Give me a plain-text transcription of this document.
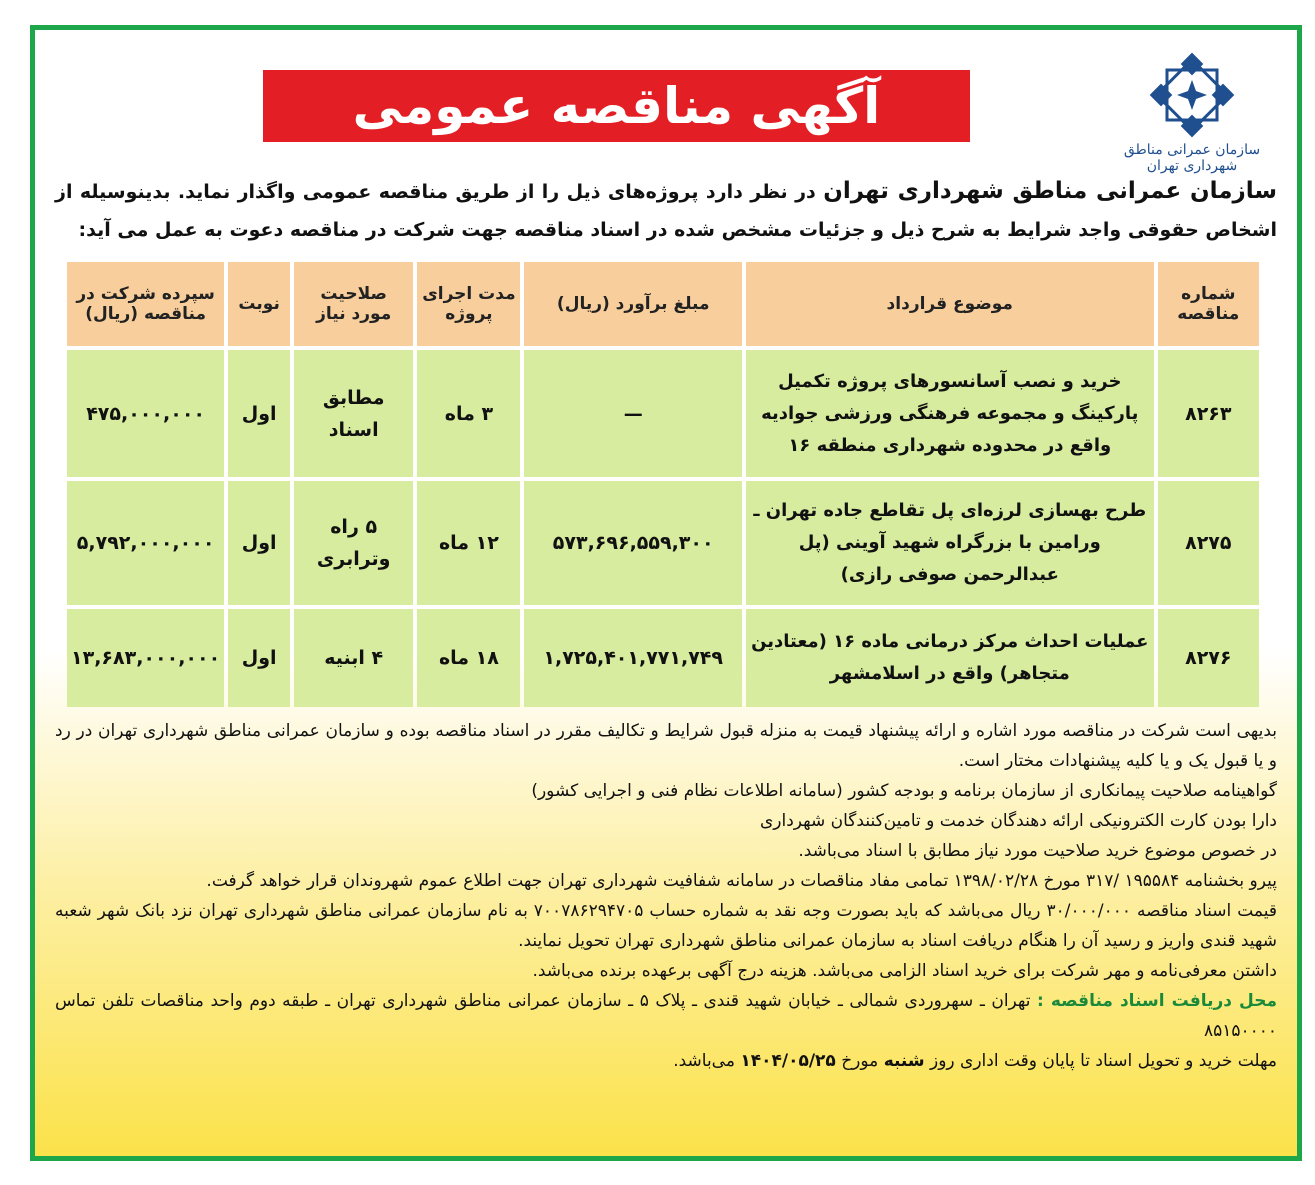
آگهی مناقصه عمومی
سازمان عمرانی مناطق شهرداری تهران
سازمان عمرانی مناطق شهرداری تهران در نظر دارد پروژه‌های ذیل را از طریق مناقصه عمومی واگذار نماید. بدینوسیله از اشخاص حقوقی واجد شرایط به شرح ذیل و جزئیات مشخص شده در اسناد مناقصه جهت شرکت در مناقصه دعوت به عمل می آید:
شماره مناقصه	موضوع قرارداد	مبلغ برآورد (ریال)	مدت اجرای پروژه	صلاحیت مورد نیاز	نوبت	سپرده شرکت در مناقصه (ریال)
۸۲۶۳	خرید و نصب آسانسورهای پروژه تکمیل پارکینگ و مجموعه فرهنگی ورزشی جوادیه واقع در محدوده شهرداری منطقه ۱۶	—	۳ ماه	مطابق اسناد	اول	۴۷۵,۰۰۰,۰۰۰
۸۲۷۵	طرح بهسازی لرزه‌ای پل تقاطع جاده تهران ـ ورامین با بزرگراه شهید آوینی (پل عبدالرحمن صوفی رازی)	۵۷۳,۶۹۶,۵۵۹,۳۰۰	۱۲ ماه	۵ راه وترابری	اول	۵,۷۹۲,۰۰۰,۰۰۰
۸۲۷۶	عملیات احداث مرکز درمانی ماده ۱۶ (معتادین متجاهر) واقع در اسلامشهر	۱,۷۲۵,۴۰۱,۷۷۱,۷۴۹	۱۸ ماه	۴ ابنیه	اول	۱۳,۶۸۳,۰۰۰,۰۰۰

بدیهی است شرکت در مناقصه مورد اشاره و ارائه پیشنهاد قیمت به منزله قبول شرایط و تکالیف مقرر در اسناد مناقصه بوده و سازمان عمرانی مناطق شهرداری تهران در رد و یا قبول یک و یا کلیه پیشنهادات مختار است.

گواهینامه صلاحیت پیمانکاری از سازمان برنامه و بودجه کشور (سامانه اطلاعات نظام فنی و اجرایی کشور)

دارا بودن کارت الکترونیکی ارائه دهندگان خدمت و تامین‌کنندگان شهرداری

در خصوص موضوع خرید صلاحیت مورد نیاز مطابق با اسناد می‌باشد.

پیرو بخشنامه ۱۹۵۵۸۴ /۳۱۷ مورخ ۱۳۹۸/۰۲/۲۸ تمامی مفاد مناقصات در سامانه شفافیت شهرداری تهران جهت اطلاع عموم شهروندان قرار خواهد گرفت.

قیمت اسناد مناقصه ۳۰/۰۰۰/۰۰۰ ریال می‌باشد که باید بصورت وجه نقد به شماره حساب ۷۰۰۷۸۶۲۹۴۷۰۵ به نام سازمان عمرانی مناطق شهرداری تهران نزد بانک شهر شعبه شهید قندی واریز و رسید آن را هنگام دریافت اسناد به سازمان عمرانی مناطق شهرداری تهران تحویل نمایند.

داشتن معرفی‌نامه و مهر شرکت برای خرید اسناد الزامی می‌باشد. هزینه درج آگهی برعهده برنده می‌باشد.

محل دریافت اسناد مناقصه : تهران ـ سهروردی شمالی ـ خیابان شهید قندی ـ پلاک ۵ ـ سازمان عمرانی مناطق شهرداری تهران ـ طبقه دوم واحد مناقصات تلفن تماس ۸۵۱۵۰۰۰۰

مهلت خرید و تحویل اسناد تا پایان وقت اداری روز شنبه مورخ ۱۴۰۴/۰۵/۲۵ می‌باشد.
